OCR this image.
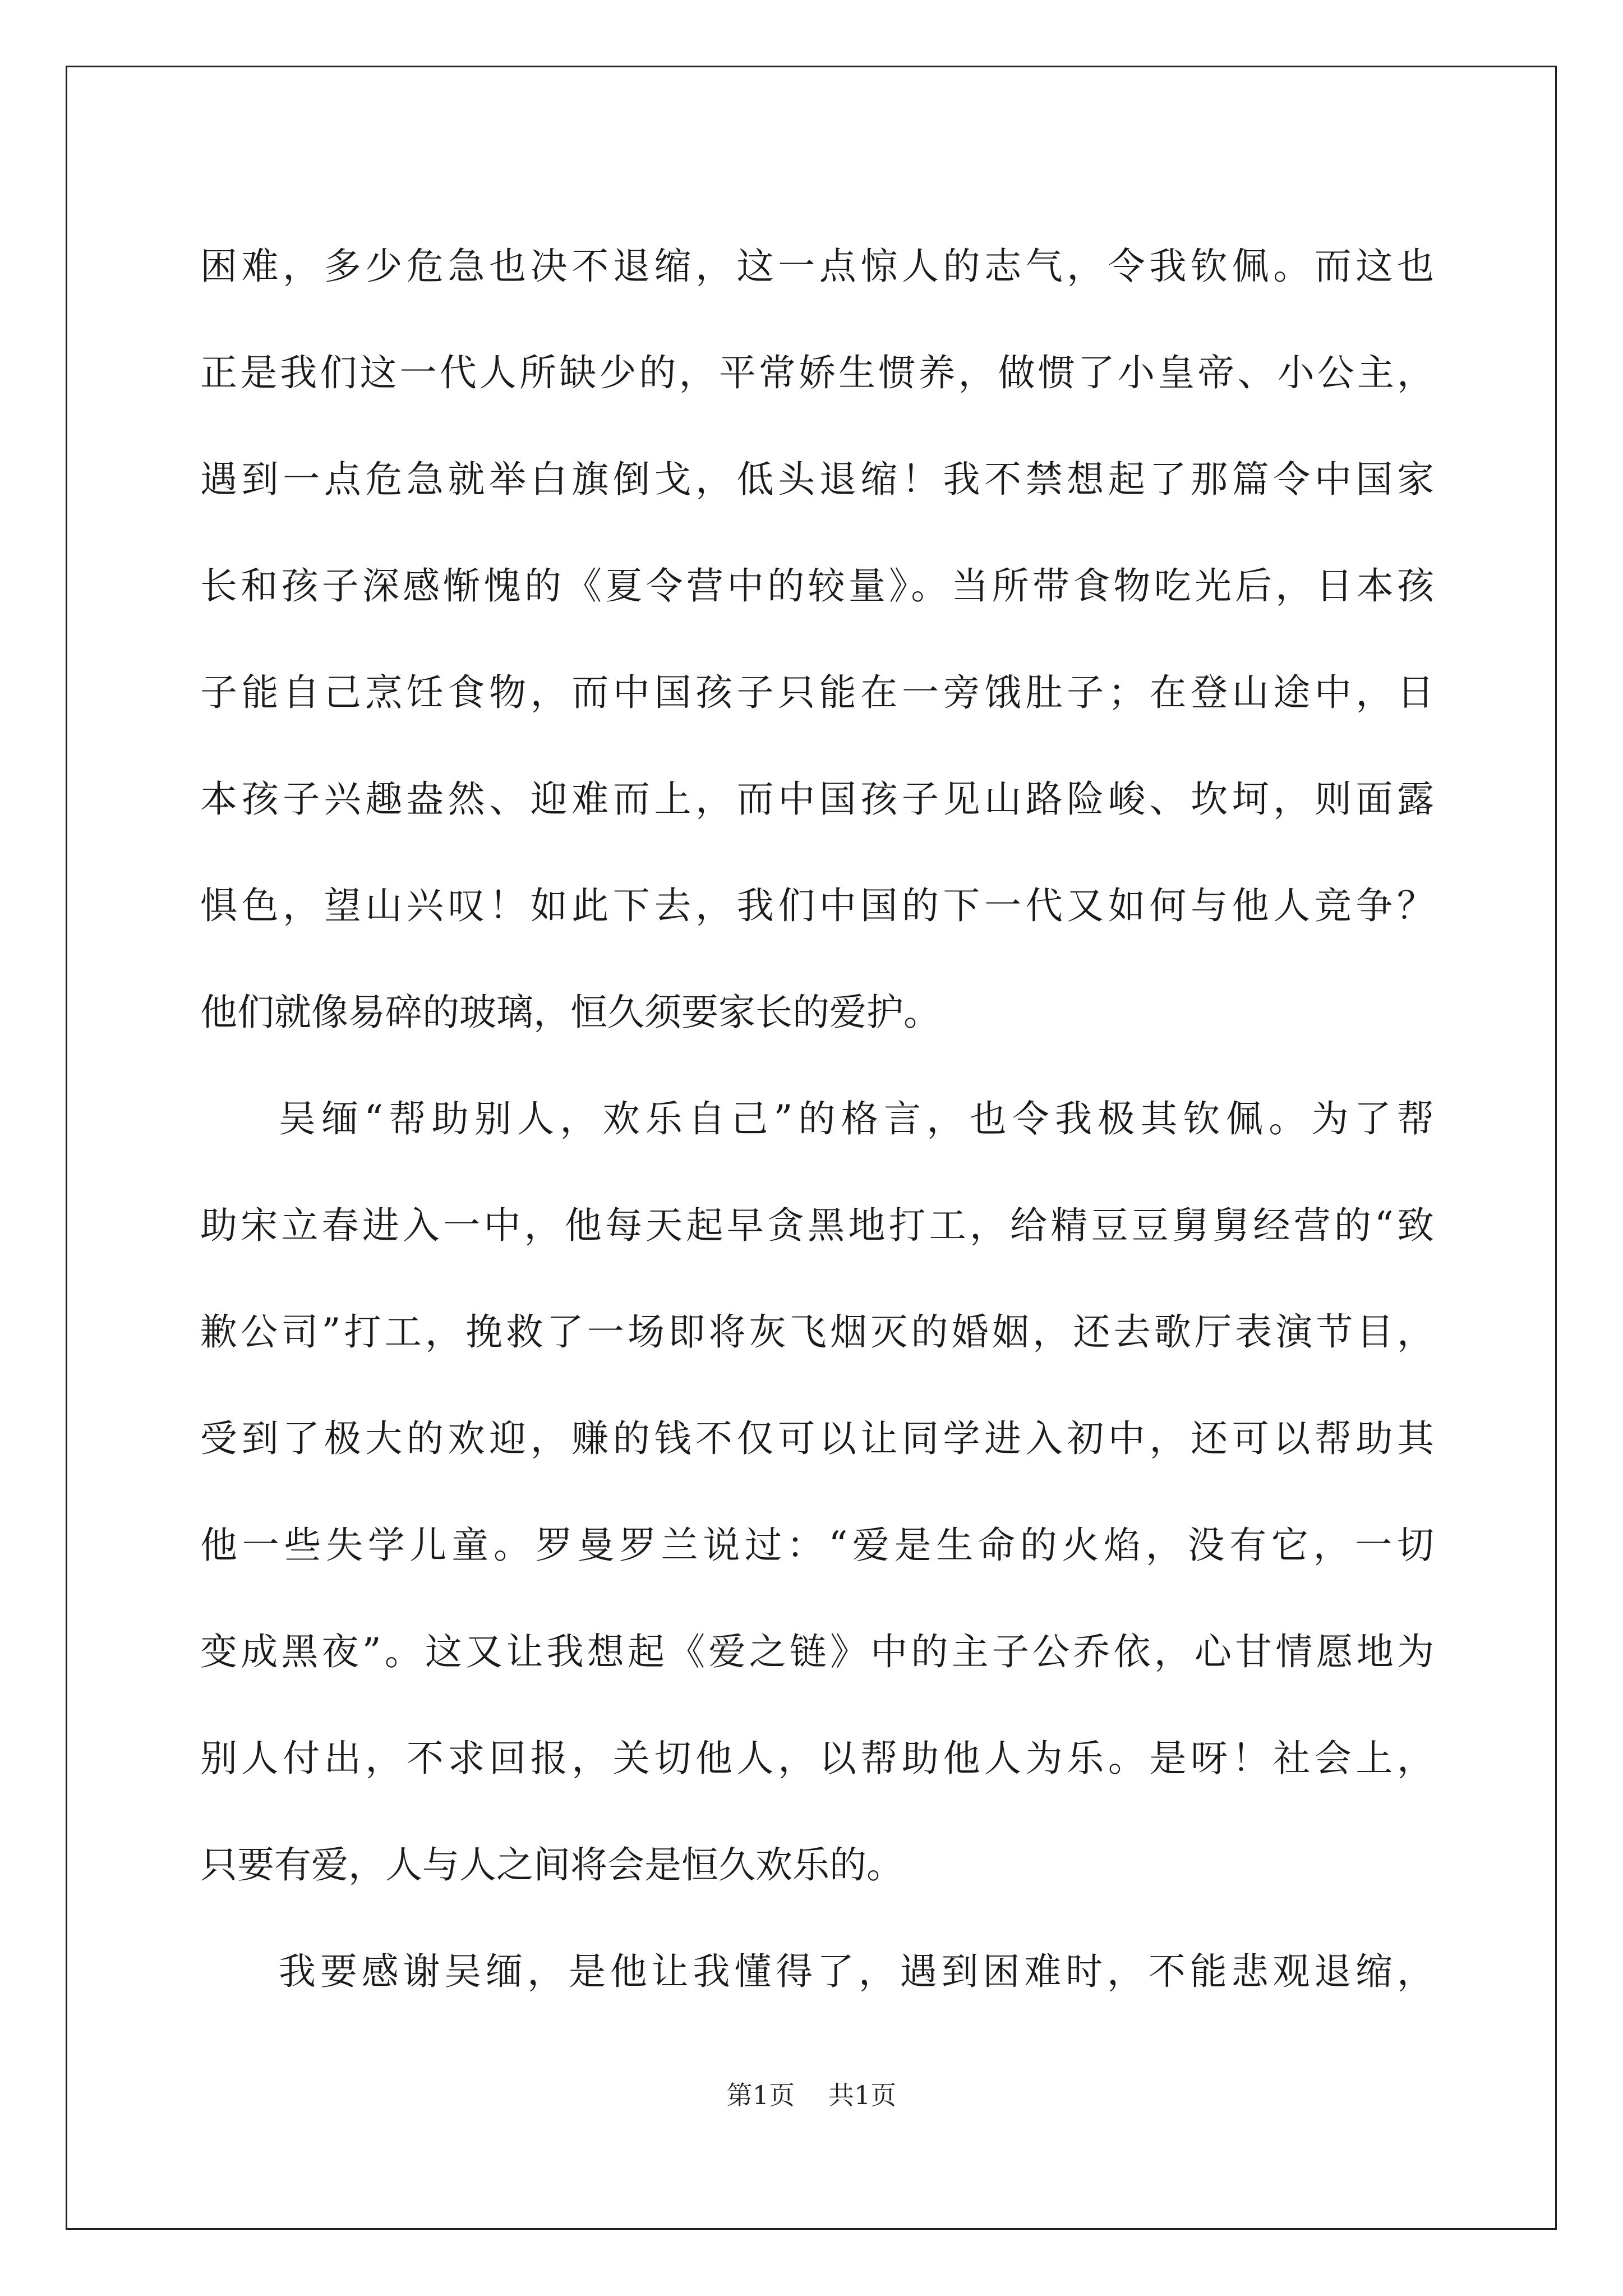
困难，多少危急也决不退缩，这一点惊人的志气，令我钦佩。而这也
正是我们这一代人所缺少的，平常娇生惯养，做惯了小皇帝、小公主，
遇到一点危急就举白旗倒戈，低头退缩！我不禁想起了那篇令中国家
长和孩子深感惭愧的《夏令营中的较量》。当所带食物吃光后，日本孩
子能自己烹饪食物，而中国孩子只能在一旁饿肚子；在登山途中，日
本孩子兴趣盎然、迎难而上，而中国孩子见山路险峻、坎坷，则面露
惧色，望山兴叹！如此下去，我们中国的下一代又如何与他人竞争？
他们就像易碎的玻璃，恒久须要家长的爱护。
吴缅“帮助别人，欢乐自己”的格言，也令我极其钦佩。为了帮
助宋立春进入一中，他每天起早贪黑地打工，给精豆豆舅舅经营的“致
歉公司”打工，挽救了一场即将灰飞烟灭的婚姻，还去歌厅表演节目，
受到了极大的欢迎，赚的钱不仅可以让同学进入初中，还可以帮助其
他一些失学儿童。罗曼罗兰说过：“爱是生命的火焰，没有它，一切
变成黑夜”。这又让我想起《爱之链》中的主子公乔依，心甘情愿地为
别人付出，不求回报，关切他人，以帮助他人为乐。是呀！社会上，
只要有爱，人与人之间将会是恒久欢乐的。
我要感谢吴缅，是他让我懂得了，遇到困难时，不能悲观退缩，
第1页 共1页
